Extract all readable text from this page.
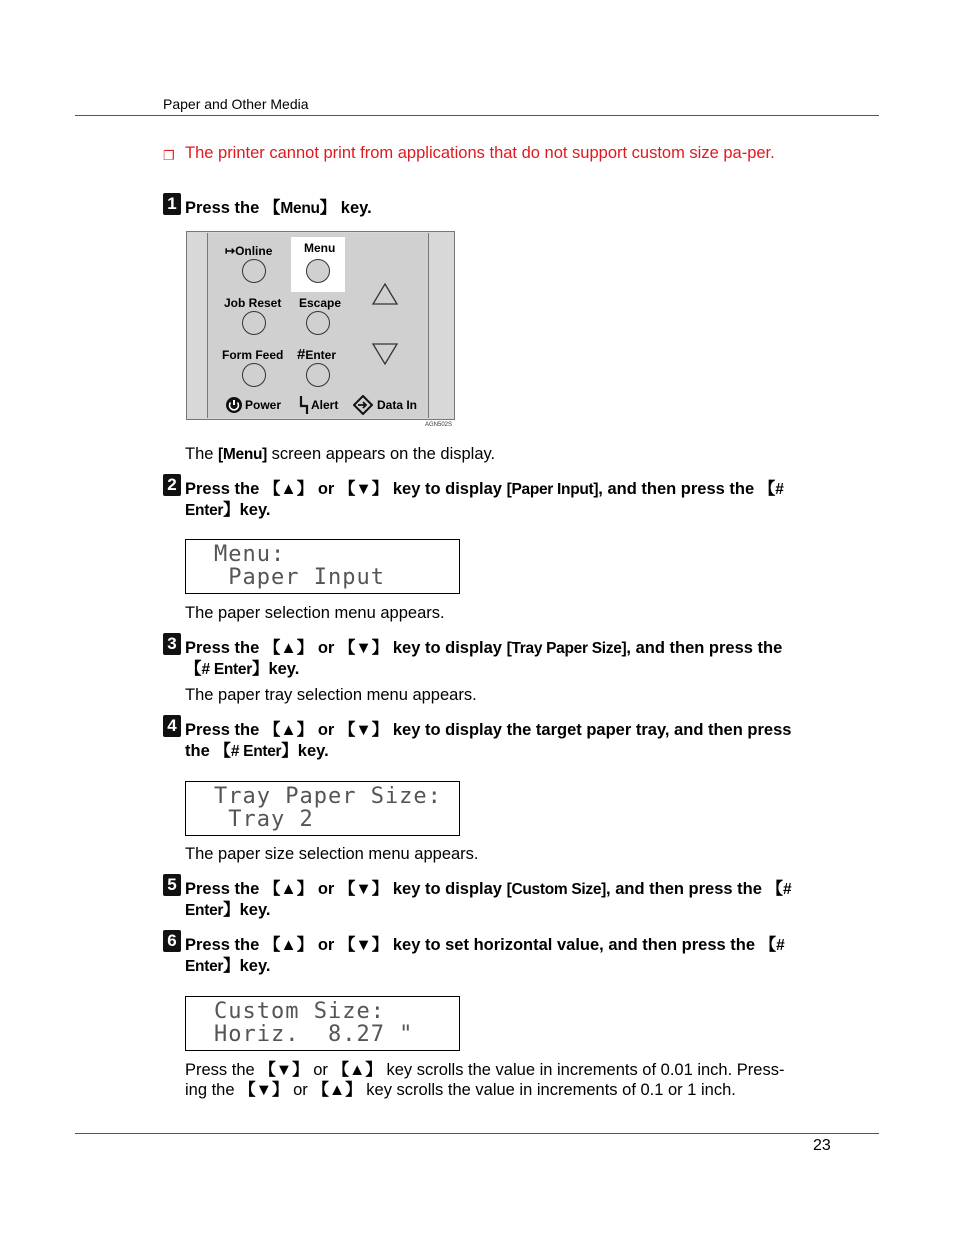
Paper and Other Media
❐ The printer cannot print from applications that do not support custom size pa-per.
1 Press the 【Menu】 key.
↦Online	Menu
Job Reset Escape
Form Feed #Enter
Power Alert	Data In
AGN502S
The [Menu] screen appears on the display.
2 Press the 【▲】 or 【▼】 key to display [Paper Input], and then press the 【# Enter】key.
Menu:
Paper Input
The paper selection menu appears.
3 Press the 【▲】 or 【▼】 key to display [Tray Paper Size], and then press the 【# Enter】key.
The paper tray selection menu appears.
4 Press the 【▲】 or 【▼】 key to display the target paper tray, and then press the 【# Enter】key.
Tray Paper Size:
Tray 2
The paper size selection menu appears.
5 Press the 【▲】 or 【▼】 key to display [Custom Size], and then press the 【# Enter】key.
6 Press the 【▲】 or 【▼】 key to set horizontal value, and then press the 【# Enter】key.
Custom Size:
Horiz.  8.27 "
Press the 【▼】 or 【▲】 key scrolls the value in increments of 0.01 inch. Press-ing the 【▼】 or 【▲】 key scrolls the value in increments of 0.1 or 1 inch.
23
